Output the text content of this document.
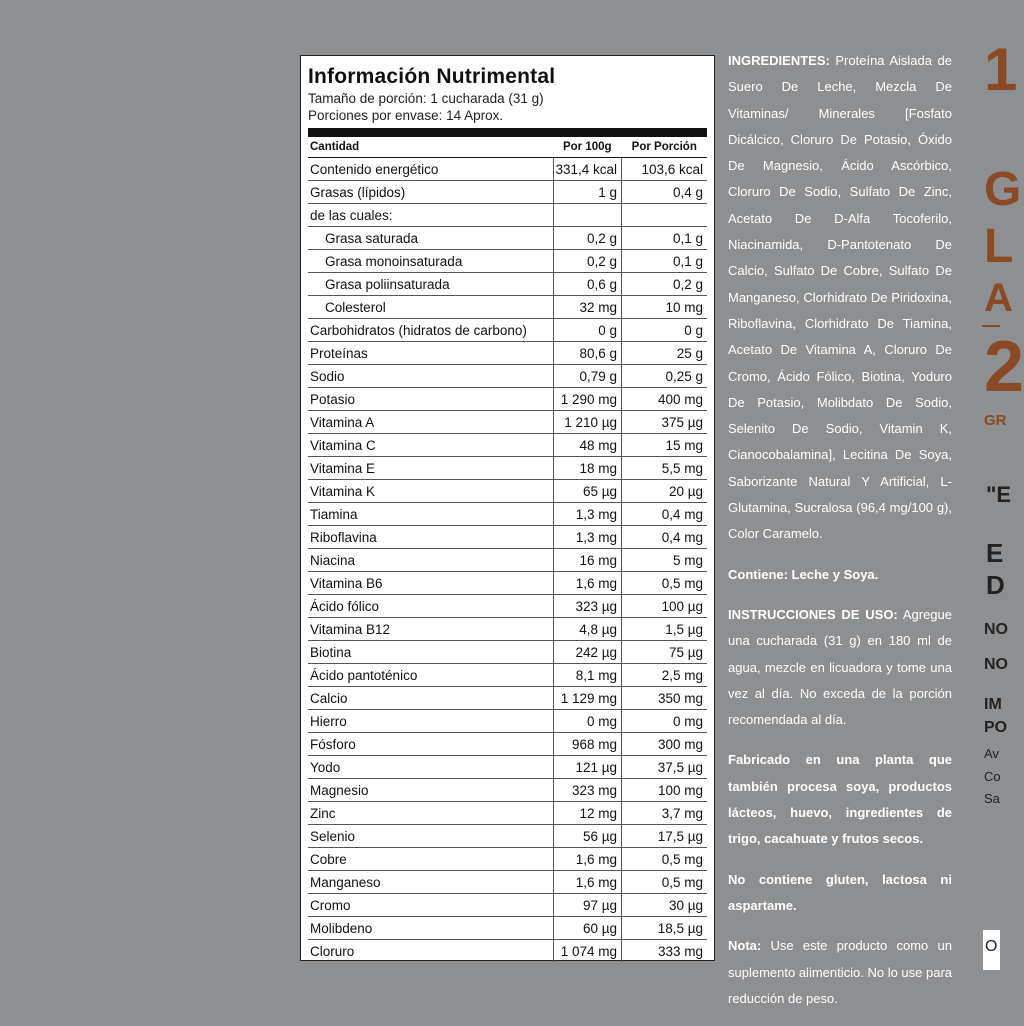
Información Nutrimental
Tamaño de porción: 1 cucharada (31 g)
Porciones por envase: 14 Aprox.
Cantidad	Por 100g	Por Porción
Contenido energético	331,4 kcal	103,6 kcal
Grasas (lípidos)	1 g	0,4 g
de las cuales:		
Grasa saturada	0,2 g	0,1 g
Grasa monoinsaturada	0,2 g	0,1 g
Grasa poliinsaturada	0,6 g	0,2 g
Colesterol	32 mg	10 mg
Carbohidratos (hidratos de carbono)	0 g	0 g
Proteínas	80,6 g	25 g
Sodio	0,79 g	0,25 g
Potasio	1 290 mg	400 mg
Vitamina A	1 210 µg	375 µg
Vitamina C	48 mg	15 mg
Vitamina E	18 mg	5,5 mg
Vitamina K	65 µg	20 µg
Tiamina	1,3 mg	0,4 mg
Riboflavina	1,3 mg	0,4 mg
Niacina	16 mg	5 mg
Vitamina B6	1,6 mg	0,5 mg
Ácido fólico	323 µg	100 µg
Vitamina B12	4,8 µg	1,5 µg
Biotina	242 µg	75 µg
Ácido pantoténico	8,1 mg	2,5 mg
Calcio	1 129 mg	350 mg
Hierro	0 mg	0 mg
Fósforo	968 mg	300 mg
Yodo	121 µg	37,5 µg
Magnesio	323 mg	100 mg
Zinc	12 mg	3,7 mg
Selenio	56 µg	17,5 µg
Cobre	1,6 mg	0,5 mg
Manganeso	1,6 mg	0,5 mg
Cromo	97 µg	30 µg
Molibdeno	60 µg	18,5 µg
Cloruro	1 074 mg	333 mg

INGREDIENTES: Proteína Aislada de Suero De Leche, Mezcla De Vitaminas/ Minerales [Fosfato Dicálcico, Cloruro De Potasio, Óxido De Magnesio, Ácido Ascórbico, Cloruro De Sodio, Sulfato De Zinc, Acetato De D-Alfa Tocoferilo, Niacinamida, D-Pantotenato De Calcio, Sulfato De Cobre, Sulfato De Manganeso, Clorhidrato De Piridoxina, Riboflavina, Clorhidrato De Tiamina, Acetato De Vitamina A, Cloruro De Cromo, Ácido Fólico, Biotina, Yoduro De Potasio, Molibdato De Sodio, Selenito De Sodio, Vitamin K, Cianocobalamina], Lecitina De Soya, Saborizante Natural Y Artificial, L-Glutamina, Sucralosa (96,4 mg/100 g), Color Caramelo.

Contiene: Leche y Soya.

INSTRUCCIONES DE USO: Agregue una cucharada (31 g) en 180 ml de agua, mezcle en licuadora y tome una vez al día. No exceda de la porción recomendada al día.

Fabricado en una planta que también procesa soya, productos lácteos, huevo, ingredientes de trigo, cacahuate y frutos secos.

No contiene gluten, lactosa ni aspartame.

Nota: Use este producto como un suplemento alimenticio. No lo use para reducción de peso.

1
G
L
A
2
GR
"E
E
D
NO
NO
IM
PO
Av
Co
Sa
O
